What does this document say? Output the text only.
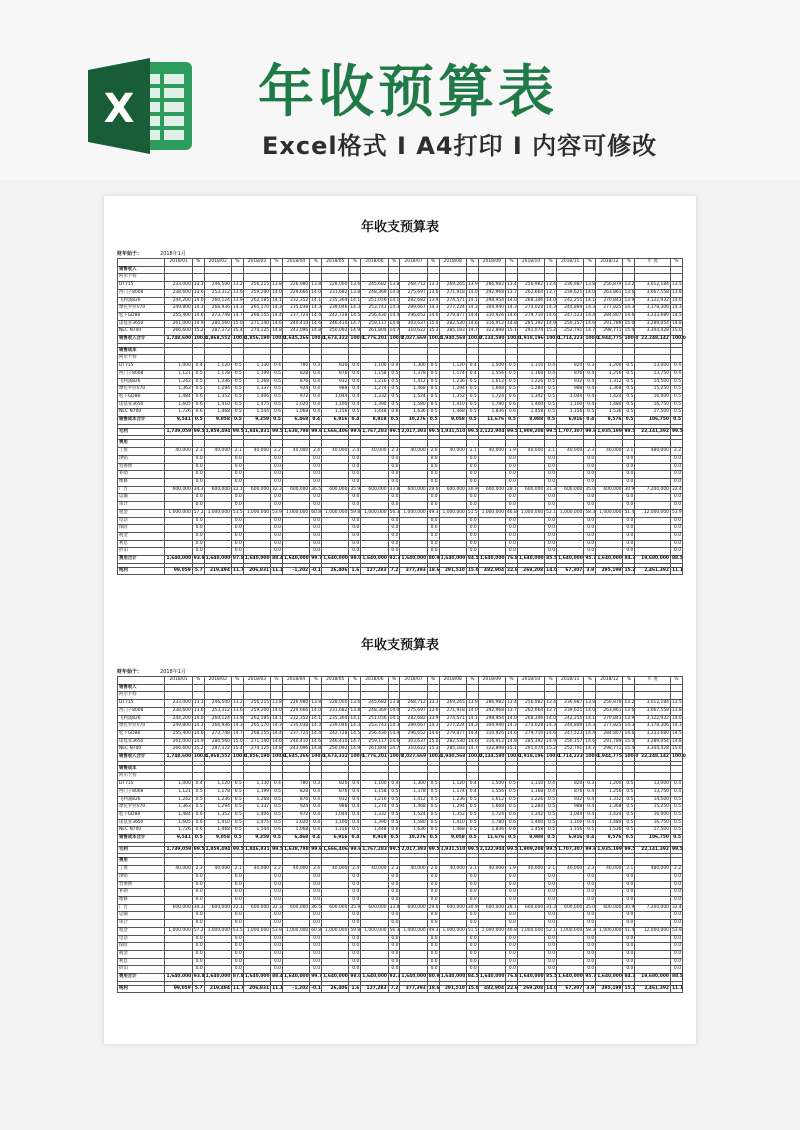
X 年收预算表
Excel格式 I A4打印 I 内容可修改
年收支预算表
财年始于：	2018年1月
	2018/01	%	2018/02	%	2018/03	%	2018/04	%	2018/05	%	2018/06	%	2018/07	%	2018/08	%	2018/09	%	2018/10	%	2018/11	%	2018/12	%	年 度	%
销售收入																										
阿尔卡特																										
DT715	233,000	13.3	246,500	13.2	256,215	13.8	226,980	13.8	228,000	13.6	245,682	13.8	268,712	13.3	269,265	13.9	286,982	13.4	256,982	13.4	236,987	13.8	256,879	13.2	3,012,184	13.5
西门子8008	238,600	13.6	253,312	13.6	259,200	14.0	229,666	14.0	231,682	13.8	248,369	14.0	275,697	13.6	271,918	14.0	292,968	13.7	262,664	13.7	239,621	14.0	263,861	13.6	3,067,558	13.8
飞利浦826	244,200	14.0	260,124	13.9	262,185	14.1	232,352	14.1	235,364	14.1	251,056	14.1	282,682	13.9	274,571	14.1	298,954	14.0	268,346	14.0	242,255	14.1	270,843	13.9	3,122,932	14.0
摩托罗拉V70	249,800	14.3	266,936	14.3	265,170	14.3	235,038	14.3	239,046	14.3	253,743	14.3	289,667	14.3	277,224	14.3	304,940	14.3	274,028	14.3	244,889	14.3	277,825	14.3	3,178,306	14.3
松下GD88	255,400	14.6	273,748	14.7	268,155	14.4	237,724	14.4	242,728	14.5	256,430	14.4	296,652	14.6	279,877	14.4	310,926	14.6	279,710	14.6	247,523	14.4	284,807	14.6	3,233,680	14.5
诺基亚3650	261,000	14.9	280,560	15.0	271,140	14.6	240,410	14.6	246,410	14.7	259,117	14.6	303,637	15.0	282,530	14.6	316,912	14.8	285,392	14.9	250,157	14.6	291,789	15.0	3,289,054	14.8
NEC N700	266,600	15.2	287,372	15.4	274,125	14.8	243,096	14.8	250,092	14.9	261,804	14.7	310,622	15.3	285,183	14.7	322,898	15.1	291,074	15.2	252,791	14.7	298,771	15.4	3,344,428	15.0
销售收入合计	1,748,600	100.0	1,868,552	100.0	1,856,190	100.0	1,645,266	100.0	1,673,322	100.0	1,776,201	100.0	2,027,669	100.0	1,940,568	100.0	2,134,580	100.0	1,918,196	100.0	1,714,223	100.0	1,944,775	100.0	22,248,142	100.0

销售成本																										
阿尔卡特																										
DT715	1,000	0.4	1,120	0.5	1,130	0.4	780	0.3	820	0.4	1,100	0.4	1,300	0.5	1,120	0.4	1,500	0.5	1,110	0.4	820	0.3	1,200	0.5	13,000	0.4
西门子8008	1,121	0.5	1,178	0.5	1,199	0.5	828	0.4	876	0.4	1,158	0.5	1,378	0.5	1,174	0.4	1,556	0.5	1,168	0.4	876	0.4	1,256	0.5	13,750	0.4
飞利浦826	1,242	0.5	1,236	0.5	1,268	0.5	876	0.4	932	0.4	1,216	0.5	1,412	0.5	1,236	0.5	1,612	0.5	1,226	0.5	932	0.4	1,312	0.5	14,500	0.5
摩托罗拉V70	1,363	0.5	1,294	0.5	1,337	0.5	924	0.4	988	0.4	1,274	0.5	1,468	0.5	1,294	0.5	1,668	0.5	1,284	0.5	988	0.4	1,368	0.5	15,250	0.5
松下GD88	1,484	0.6	1,352	0.5	1,406	0.5	972	0.4	1,044	0.4	1,332	0.5	1,524	0.5	1,352	0.5	1,724	0.6	1,342	0.5	1,044	0.4	1,424	0.5	16,000	0.5
诺基亚3650	1,605	0.6	1,410	0.5	1,475	0.5	1,020	0.4	1,100	0.4	1,390	0.5	1,580	0.5	1,410	0.5	1,780	0.6	1,400	0.5	1,100	0.4	1,480	0.5	16,750	0.5
NEC N700	1,726	0.6	1,468	0.5	1,544	0.6	1,068	0.4	1,156	0.5	1,448	0.6	1,636	0.5	1,468	0.5	1,836	0.6	1,458	0.5	1,156	0.5	1,536	0.5	17,500	0.5
销售成本合计	9,541	0.5	9,058	0.5	9,359	0.5	6,468	0.4	6,916	0.4	8,918	0.5	10,276	0.5	9,058	0.5	11,676	0.5	8,988	0.5	6,916	0.4	9,576	0.5	106,750	0.5

毛利	1,739,059	99.5	1,859,494	99.5	1,846,831	99.5	1,638,798	99.6	1,666,406	99.6	1,767,283	99.5	2,017,393	99.5	1,931,510	99.5	2,122,904	99.5	1,909,208	99.5	1,707,307	99.6	1,935,199	99.5	22,141,392	99.5

费用																										
工资	40,000	2.3	40,000	2.1	40,000	2.2	40,000	2.4	40,000	2.4	40,000	2.3	40,000	2.0	40,000	2.1	40,000	1.9	40,000	2.1	40,000	2.3	40,000	2.1	480,000	2.2
津贴		0.0		0.0		0.0		0.0		0.0		0.0		0.0		0.0		0.0		0.0		0.0		0.0		0.0
营委费		0.0		0.0		0.0		0.0		0.0		0.0		0.0		0.0		0.0		0.0		0.0		0.0		0.0
补助		0.0		0.0		0.0		0.0		0.0		0.0		0.0		0.0		0.0		0.0		0.0		0.0		0.0
维修		0.0		0.0		0.0		0.0		0.0		0.0		0.0		0.0		0.0		0.0		0.0		0.0		0.0
广告	600,000	34.3	600,000	32.1	600,000	32.3	600,000	36.5	600,000	35.9	600,000	33.8	600,000	29.6	600,000	30.9	600,000	28.1	600,000	31.3	600,000	35.0	600,000	30.9	7,200,000	32.4
运输		0.0		0.0		0.0		0.0		0.0		0.0		0.0		0.0		0.0		0.0		0.0		0.0		0.0
审计		0.0		0.0		0.0		0.0		0.0		0.0		0.0		0.0		0.0		0.0		0.0		0.0		0.0
租金	1,000,000	57.2	1,000,000	53.5	1,000,000	53.9	1,000,000	60.8	1,000,000	59.8	1,000,000	56.3	1,000,000	49.3	1,000,000	51.5	1,000,000	46.8	1,000,000	52.1	1,000,000	58.3	1,000,000	51.4	12,000,000	53.9
电话		0.0		0.0		0.0		0.0		0.0		0.0		0.0		0.0		0.0		0.0		0.0		0.0		0.0
保险		0.0		0.0		0.0		0.0		0.0		0.0		0.0		0.0		0.0		0.0		0.0		0.0		0.0
税金		0.0		0.0		0.0		0.0		0.0		0.0		0.0		0.0		0.0		0.0		0.0		0.0		0.0
利息		0.0		0.0		0.0		0.0		0.0		0.0		0.0		0.0		0.0		0.0		0.0		0.0		0.0
折旧		0.0		0.0		0.0		0.0		0.0		0.0		0.0		0.0		0.0		0.0		0.0		0.0		0.0
费用合计	1,640,000	93.8	1,640,000	87.8	1,640,000	88.4	1,640,000	99.7	1,640,000	98.0	1,640,000	92.3	1,640,000	80.9	1,640,000	84.5	1,640,000	76.8	1,640,000	85.5	1,640,000	95.7	1,640,000	84.3	19,680,000	88.5

纯利	99,059	5.7	219,494	11.7	206,831	11.1	-1,202	-0.1	26,406	1.6	127,283	7.2	377,393	18.6	291,510	15.0	482,904	22.6	269,208	14.0	67,307	3.9	295,199	15.2	2,461,392	11.1
年收支预算表
财年始于：	2018年1月
	2018/01	%	2018/02	%	2018/03	%	2018/04	%	2018/05	%	2018/06	%	2018/07	%	2018/08	%	2018/09	%	2018/10	%	2018/11	%	2018/12	%	年 度	%
销售收入																										
阿尔卡特																										
DT715	233,000	13.3	246,500	13.2	256,215	13.8	226,980	13.8	228,000	13.6	245,682	13.8	268,712	13.3	269,265	13.9	286,982	13.4	256,982	13.4	236,987	13.8	256,879	13.2	3,012,184	13.5
西门子8008	238,600	13.6	253,312	13.6	259,200	14.0	229,666	14.0	231,682	13.8	248,369	14.0	275,697	13.6	271,918	14.0	292,968	13.7	262,664	13.7	239,621	14.0	263,861	13.6	3,067,558	13.8
飞利浦826	244,200	14.0	260,124	13.9	262,185	14.1	232,352	14.1	235,364	14.1	251,056	14.1	282,682	13.9	274,571	14.1	298,954	14.0	268,346	14.0	242,255	14.1	270,843	13.9	3,122,932	14.0
摩托罗拉V70	249,800	14.3	266,936	14.3	265,170	14.3	235,038	14.3	239,046	14.3	253,743	14.3	289,667	14.3	277,224	14.3	304,940	14.3	274,028	14.3	244,889	14.3	277,825	14.3	3,178,306	14.3
松下GD88	255,400	14.6	273,748	14.7	268,155	14.4	237,724	14.4	242,728	14.5	256,430	14.4	296,652	14.6	279,877	14.4	310,926	14.6	279,710	14.6	247,523	14.4	284,807	14.6	3,233,680	14.5
诺基亚3650	261,000	14.9	280,560	15.0	271,140	14.6	240,410	14.6	246,410	14.7	259,117	14.6	303,637	15.0	282,530	14.6	316,912	14.8	285,392	14.9	250,157	14.6	291,789	15.0	3,289,054	14.8
NEC N700	266,600	15.2	287,372	15.4	274,125	14.8	243,096	14.8	250,092	14.9	261,804	14.7	310,622	15.3	285,183	14.7	322,898	15.1	291,074	15.2	252,791	14.7	298,771	15.4	3,344,428	15.0
销售收入合计	1,748,600	100.0	1,868,552	100.0	1,856,190	100.0	1,645,266	100.0	1,673,322	100.0	1,776,201	100.0	2,027,669	100.0	1,940,568	100.0	2,134,580	100.0	1,918,196	100.0	1,714,223	100.0	1,944,775	100.0	22,248,142	100.0

销售成本																										
阿尔卡特																										
DT715	1,000	0.4	1,120	0.5	1,130	0.4	780	0.3	820	0.4	1,100	0.4	1,300	0.5	1,120	0.4	1,500	0.5	1,110	0.4	820	0.3	1,200	0.5	13,000	0.4
西门子8008	1,121	0.5	1,178	0.5	1,199	0.5	828	0.4	876	0.4	1,158	0.5	1,378	0.5	1,174	0.4	1,556	0.5	1,168	0.4	876	0.4	1,256	0.5	13,750	0.4
飞利浦826	1,242	0.5	1,236	0.5	1,268	0.5	876	0.4	932	0.4	1,216	0.5	1,412	0.5	1,236	0.5	1,612	0.5	1,226	0.5	932	0.4	1,312	0.5	14,500	0.5
摩托罗拉V70	1,363	0.5	1,294	0.5	1,337	0.5	924	0.4	988	0.4	1,274	0.5	1,468	0.5	1,294	0.5	1,668	0.5	1,284	0.5	988	0.4	1,368	0.5	15,250	0.5
松下GD88	1,484	0.6	1,352	0.5	1,406	0.5	972	0.4	1,044	0.4	1,332	0.5	1,524	0.5	1,352	0.5	1,724	0.6	1,342	0.5	1,044	0.4	1,424	0.5	16,000	0.5
诺基亚3650	1,605	0.6	1,410	0.5	1,475	0.5	1,020	0.4	1,100	0.4	1,390	0.5	1,580	0.5	1,410	0.5	1,780	0.6	1,400	0.5	1,100	0.4	1,480	0.5	16,750	0.5
NEC N700	1,726	0.6	1,468	0.5	1,544	0.6	1,068	0.4	1,156	0.5	1,448	0.6	1,636	0.5	1,468	0.5	1,836	0.6	1,458	0.5	1,156	0.5	1,536	0.5	17,500	0.5
销售成本合计	9,541	0.5	9,058	0.5	9,359	0.5	6,468	0.4	6,916	0.4	8,918	0.5	10,276	0.5	9,058	0.5	11,676	0.5	8,988	0.5	6,916	0.4	9,576	0.5	106,750	0.5

毛利	1,739,059	99.5	1,859,494	99.5	1,846,831	99.5	1,638,798	99.6	1,666,406	99.6	1,767,283	99.5	2,017,393	99.5	1,931,510	99.5	2,122,904	99.5	1,909,208	99.5	1,707,307	99.6	1,935,199	99.5	22,141,392	99.5

费用																										
工资	40,000	2.3	40,000	2.1	40,000	2.2	40,000	2.4	40,000	2.4	40,000	2.3	40,000	2.0	40,000	2.1	40,000	1.9	40,000	2.1	40,000	2.3	40,000	2.1	480,000	2.2
津贴		0.0		0.0		0.0		0.0		0.0		0.0		0.0		0.0		0.0		0.0		0.0		0.0		0.0
营委费		0.0		0.0		0.0		0.0		0.0		0.0		0.0		0.0		0.0		0.0		0.0		0.0		0.0
补助		0.0		0.0		0.0		0.0		0.0		0.0		0.0		0.0		0.0		0.0		0.0		0.0		0.0
维修		0.0		0.0		0.0		0.0		0.0		0.0		0.0		0.0		0.0		0.0		0.0		0.0		0.0
广告	600,000	34.3	600,000	32.1	600,000	32.3	600,000	36.5	600,000	35.9	600,000	33.8	600,000	29.6	600,000	30.9	600,000	28.1	600,000	31.3	600,000	35.0	600,000	30.9	7,200,000	32.4
运输		0.0		0.0		0.0		0.0		0.0		0.0		0.0		0.0		0.0		0.0		0.0		0.0		0.0
审计		0.0		0.0		0.0		0.0		0.0		0.0		0.0		0.0		0.0		0.0		0.0		0.0		0.0
租金	1,000,000	57.2	1,000,000	53.5	1,000,000	53.9	1,000,000	60.8	1,000,000	59.8	1,000,000	56.3	1,000,000	49.3	1,000,000	51.5	1,000,000	46.8	1,000,000	52.1	1,000,000	58.3	1,000,000	51.4	12,000,000	53.9
电话		0.0		0.0		0.0		0.0		0.0		0.0		0.0		0.0		0.0		0.0		0.0		0.0		0.0
保险		0.0		0.0		0.0		0.0		0.0		0.0		0.0		0.0		0.0		0.0		0.0		0.0		0.0
税金		0.0		0.0		0.0		0.0		0.0		0.0		0.0		0.0		0.0		0.0		0.0		0.0		0.0
利息		0.0		0.0		0.0		0.0		0.0		0.0		0.0		0.0		0.0		0.0		0.0		0.0		0.0
折旧		0.0		0.0		0.0		0.0		0.0		0.0		0.0		0.0		0.0		0.0		0.0		0.0		0.0
费用合计	1,640,000	93.8	1,640,000	87.8	1,640,000	88.4	1,640,000	99.7	1,640,000	98.0	1,640,000	92.3	1,640,000	80.9	1,640,000	84.5	1,640,000	76.8	1,640,000	85.5	1,640,000	95.7	1,640,000	84.3	19,680,000	88.5

纯利	99,059	5.7	219,494	11.7	206,831	11.1	-1,202	-0.1	26,406	1.6	127,283	7.2	377,393	18.6	291,510	15.0	482,904	22.6	269,208	14.0	67,307	3.9	295,199	15.2	2,461,392	11.1
